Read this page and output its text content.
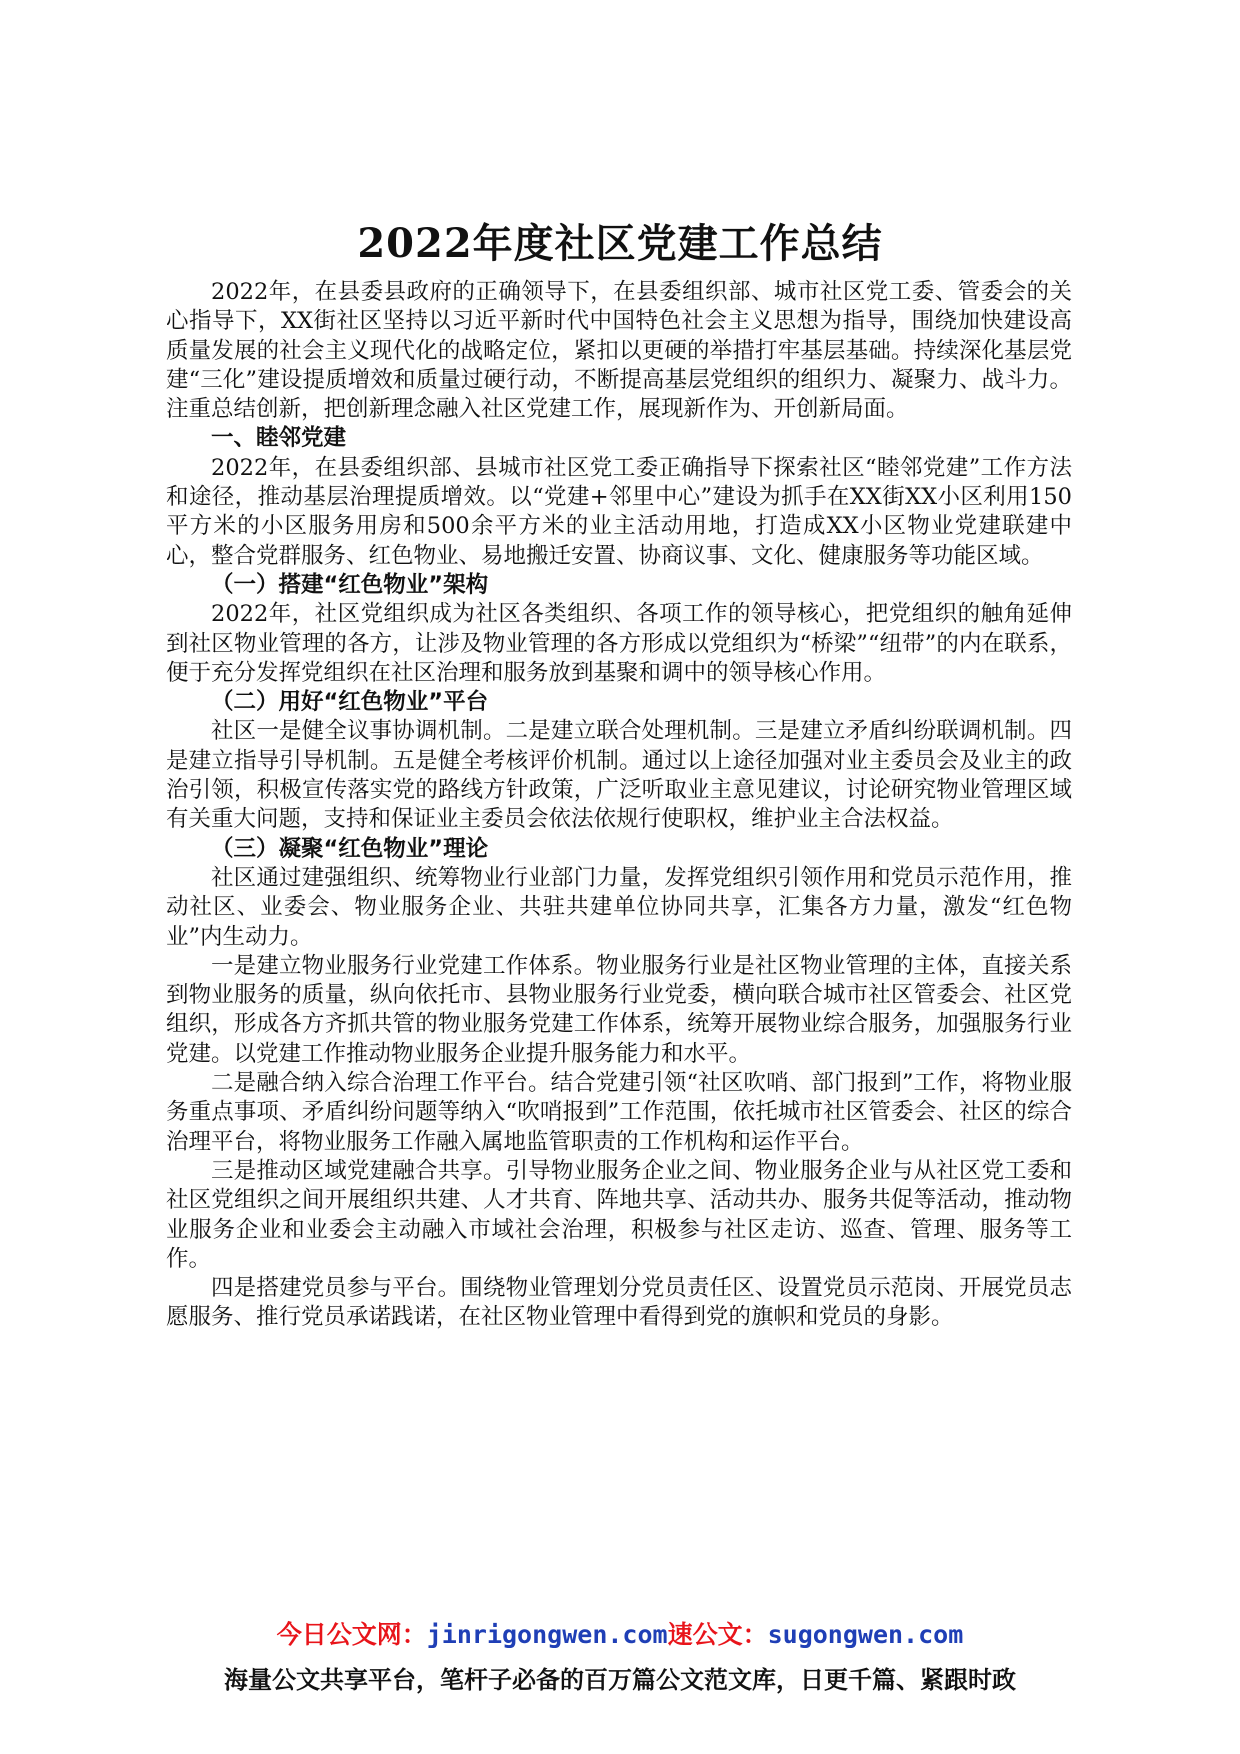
2022年度社区党建工作总结

2022年，在县委县政府的正确领导下，在县委组织部、城市社区党工委、管委会的关心指导下，XX街社区坚持以习近平新时代中国特色社会主义思想为指导，围绕加快建设高质量发展的社会主义现代化的战略定位，紧扣以更硬的举措打牢基层基础。持续深化基层党建“三化”建设提质增效和质量过硬行动，不断提高基层党组织的组织力、凝聚力、战斗力。注重总结创新，把创新理念融入社区党建工作，展现新作为、开创新局面。

一、睦邻党建

2022年，在县委组织部、县城市社区党工委正确指导下探索社区“睦邻党建”工作方法和途径，推动基层治理提质增效。以“党建+邻里中心”建设为抓手在XX街XX小区利用150平方米的小区服务用房和500余平方米的业主活动用地，打造成XX小区物业党建联建中心，整合党群服务、红色物业、易地搬迁安置、协商议事、文化、健康服务等功能区域。

（一）搭建“红色物业”架构

2022年，社区党组织成为社区各类组织、各项工作的领导核心，把党组织的触角延伸到社区物业管理的各方，让涉及物业管理的各方形成以党组织为“桥梁”“纽带”的内在联系，便于充分发挥党组织在社区治理和服务放到基聚和调中的领导核心作用。

（二）用好“红色物业”平台

社区一是健全议事协调机制。二是建立联合处理机制。三是建立矛盾纠纷联调机制。四是建立指导引导机制。五是健全考核评价机制。通过以上途径加强对业主委员会及业主的政治引领，积极宣传落实党的路线方针政策，广泛听取业主意见建议，讨论研究物业管理区域有关重大问题，支持和保证业主委员会依法依规行使职权，维护业主合法权益。

（三）凝聚“红色物业”理论

社区通过建强组织、统筹物业行业部门力量，发挥党组织引领作用和党员示范作用，推动社区、业委会、物业服务企业、共驻共建单位协同共享，汇集各方力量，激发“红色物业”内生动力。

一是建立物业服务行业党建工作体系。物业服务行业是社区物业管理的主体，直接关系到物业服务的质量，纵向依托市、县物业服务行业党委，横向联合城市社区管委会、社区党组织，形成各方齐抓共管的物业服务党建工作体系，统筹开展物业综合服务，加强服务行业党建。以党建工作推动物业服务企业提升服务能力和水平。

二是融合纳入综合治理工作平台。结合党建引领“社区吹哨、部门报到”工作，将物业服务重点事项、矛盾纠纷问题等纳入“吹哨报到”工作范围，依托城市社区管委会、社区的综合治理平台，将物业服务工作融入属地监管职责的工作机构和运作平台。

三是推动区域党建融合共享。引导物业服务企业之间、物业服务企业与从社区党工委和社区党组织之间开展组织共建、人才共育、阵地共享、活动共办、服务共促等活动，推动物业服务企业和业委会主动融入市域社会治理，积极参与社区走访、巡查、管理、服务等工作。

四是搭建党员参与平台。围绕物业管理划分党员责任区、设置党员示范岗、开展党员志愿服务、推行党员承诺践诺，在社区物业管理中看得到党的旗帜和党员的身影。

今日公文网：jinrigongwen.com速公文：sugongwen.com
海量公文共享平台，笔杆子必备的百万篇公文范文库，日更千篇、紧跟时政
